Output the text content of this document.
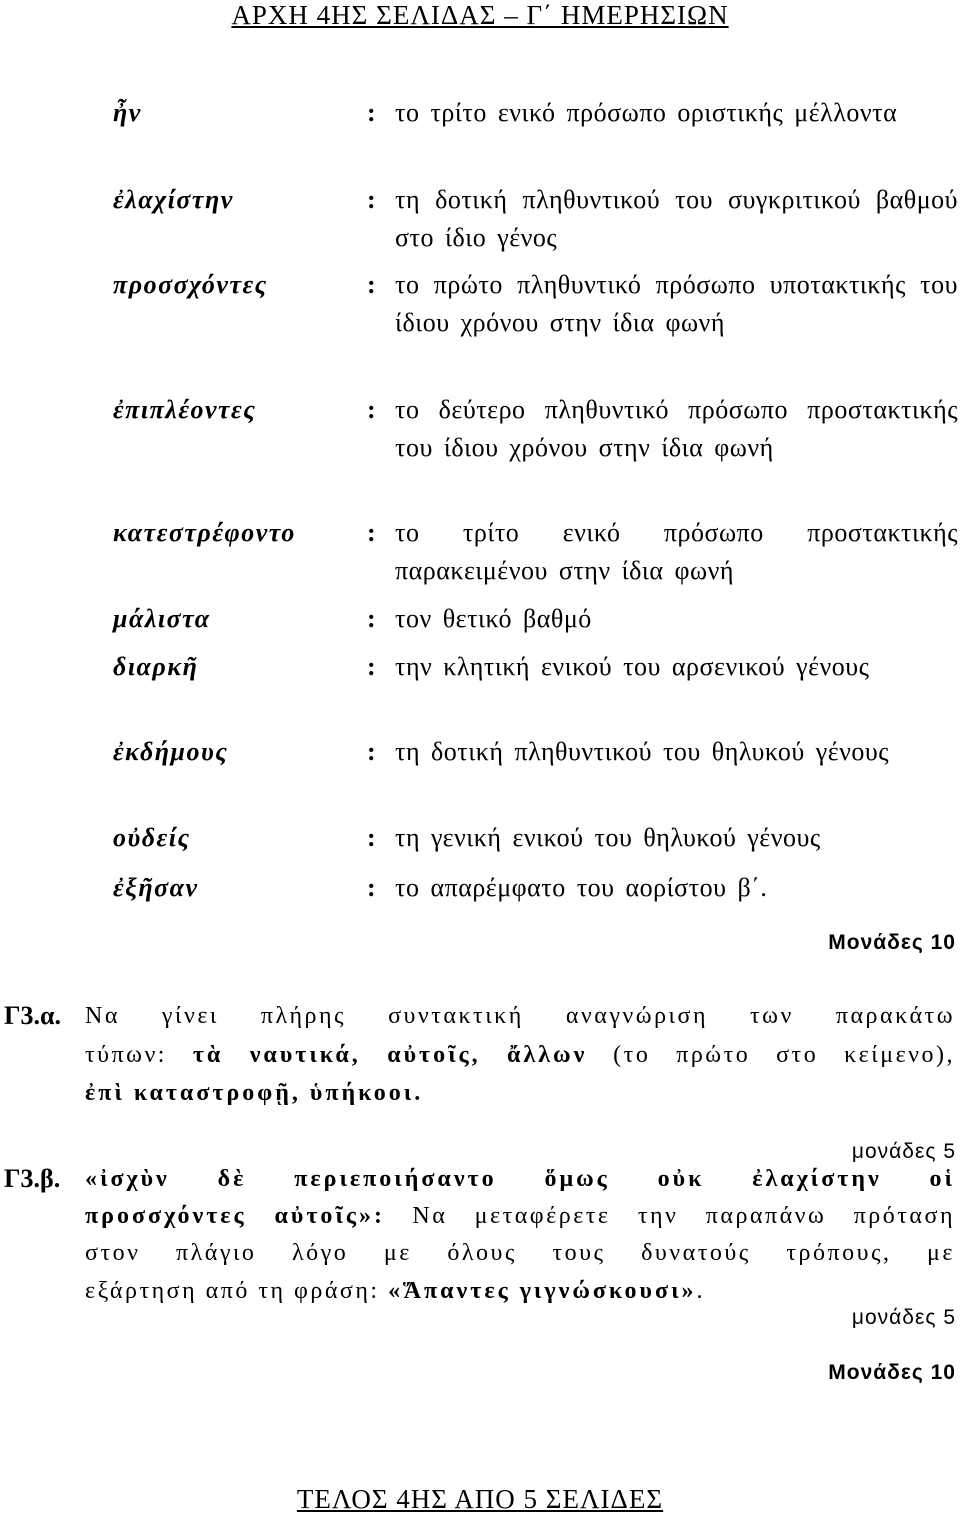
ΑΡΧΗ 4ΗΣ ΣΕΛΙΔΑΣ – Γ΄ ΗΜΕΡΗΣΙΩΝ
ἦν	: το τρίτο ενικό πρόσωπο οριστικής μέλλοντα
ἐλαχίστην	: τη δοτική πληθυντικού του συγκριτικού βαθμού στο ίδιο γένος
προσσχόντες	: το πρώτο πληθυντικό πρόσωπο υποτακτικής του ίδιου χρόνου στην ίδια φωνή
ἐπιπλέοντες	: το δεύτερο πληθυντικό πρόσωπο προστακτικής του ίδιου χρόνου στην ίδια φωνή
κατεστρέφοντο	: το τρίτο ενικό πρόσωπο προστακτικής παρακειμένου στην ίδια φωνή
μάλιστα	: τον θετικό βαθμό
διαρκῆ	: την κλητική ενικού του αρσενικού γένους
ἐκδήμους	: τη δοτική πληθυντικού του θηλυκού γένους
οὐδείς	: τη γενική ενικού του θηλυκού γένους
ἐξῆσαν	: το απαρέμφατο του αορίστου β΄.
Μονάδες 10
Γ3.α. Να γίνει πλήρης συντακτική αναγνώριση των παρακάτω
τύπων: τὰ ναυτικά, αὐτοῖς, ἄλλων (το πρώτο στο κείμενο),
ἐπὶ καταστροφῇ, ὑπήκοοι.
μονάδες 5
Γ3.β. «ἰσχὺν δὲ περιεποιήσαντο ὅμως οὐκ ἐλαχίστην οἱ
προσσχόντες αὐτοῖς»: Να μεταφέρετε την παραπάνω πρόταση
στον πλάγιο λόγο με όλους τους δυνατούς τρόπους, με
εξάρτηση από τη φράση: «Ἅπαντες γιγνώσκουσι».
μονάδες 5
Μονάδες 10
ΤΕΛΟΣ 4ΗΣ ΑΠΟ 5 ΣΕΛΙΔΕΣ
